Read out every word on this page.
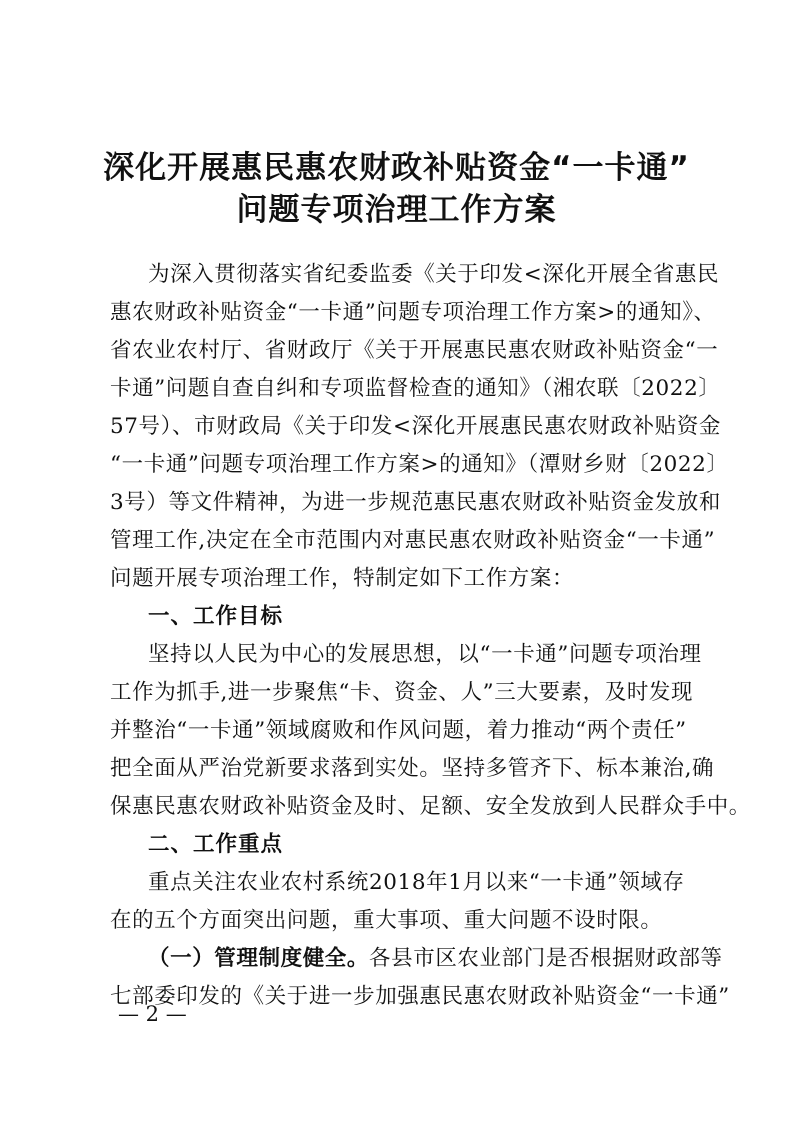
深化开展惠民惠农财政补贴资金“一卡通”
问题专项治理工作方案
为深入贯彻落实省纪委监委《关于印发<深化开展全省惠民
惠农财政补贴资金“一卡通”问题专项治理工作方案>的通知》、
省农业农村厅、省财政厅《关于开展惠民惠农财政补贴资金“一
卡通”问题自查自纠和专项监督检查的通知》（湘农联〔2022〕
57号）、市财政局《关于印发<深化开展惠民惠农财政补贴资金
“一卡通”问题专项治理工作方案>的通知》（潭财乡财〔2022〕
3号）等文件精神，为进一步规范惠民惠农财政补贴资金发放和
管理工作,决定在全市范围内对惠民惠农财政补贴资金“一卡通”
问题开展专项治理工作，特制定如下工作方案：
一、工作目标
坚持以人民为中心的发展思想，以“一卡通”问题专项治理
工作为抓手,进一步聚焦“卡、资金、人”三大要素，及时发现
并整治“一卡通”领域腐败和作风问题，着力推动“两个责任”
把全面从严治党新要求落到实处。坚持多管齐下、标本兼治,确
保惠民惠农财政补贴资金及时、足额、安全发放到人民群众手中。
二、工作重点
重点关注农业农村系统2018年1月以来“一卡通”领域存
在的五个方面突出问题，重大事项、重大问题不设时限。
（一）管理制度健全。各县市区农业部门是否根据财政部等
七部委印发的《关于进一步加强惠民惠农财政补贴资金“一卡通”
— 2 —
